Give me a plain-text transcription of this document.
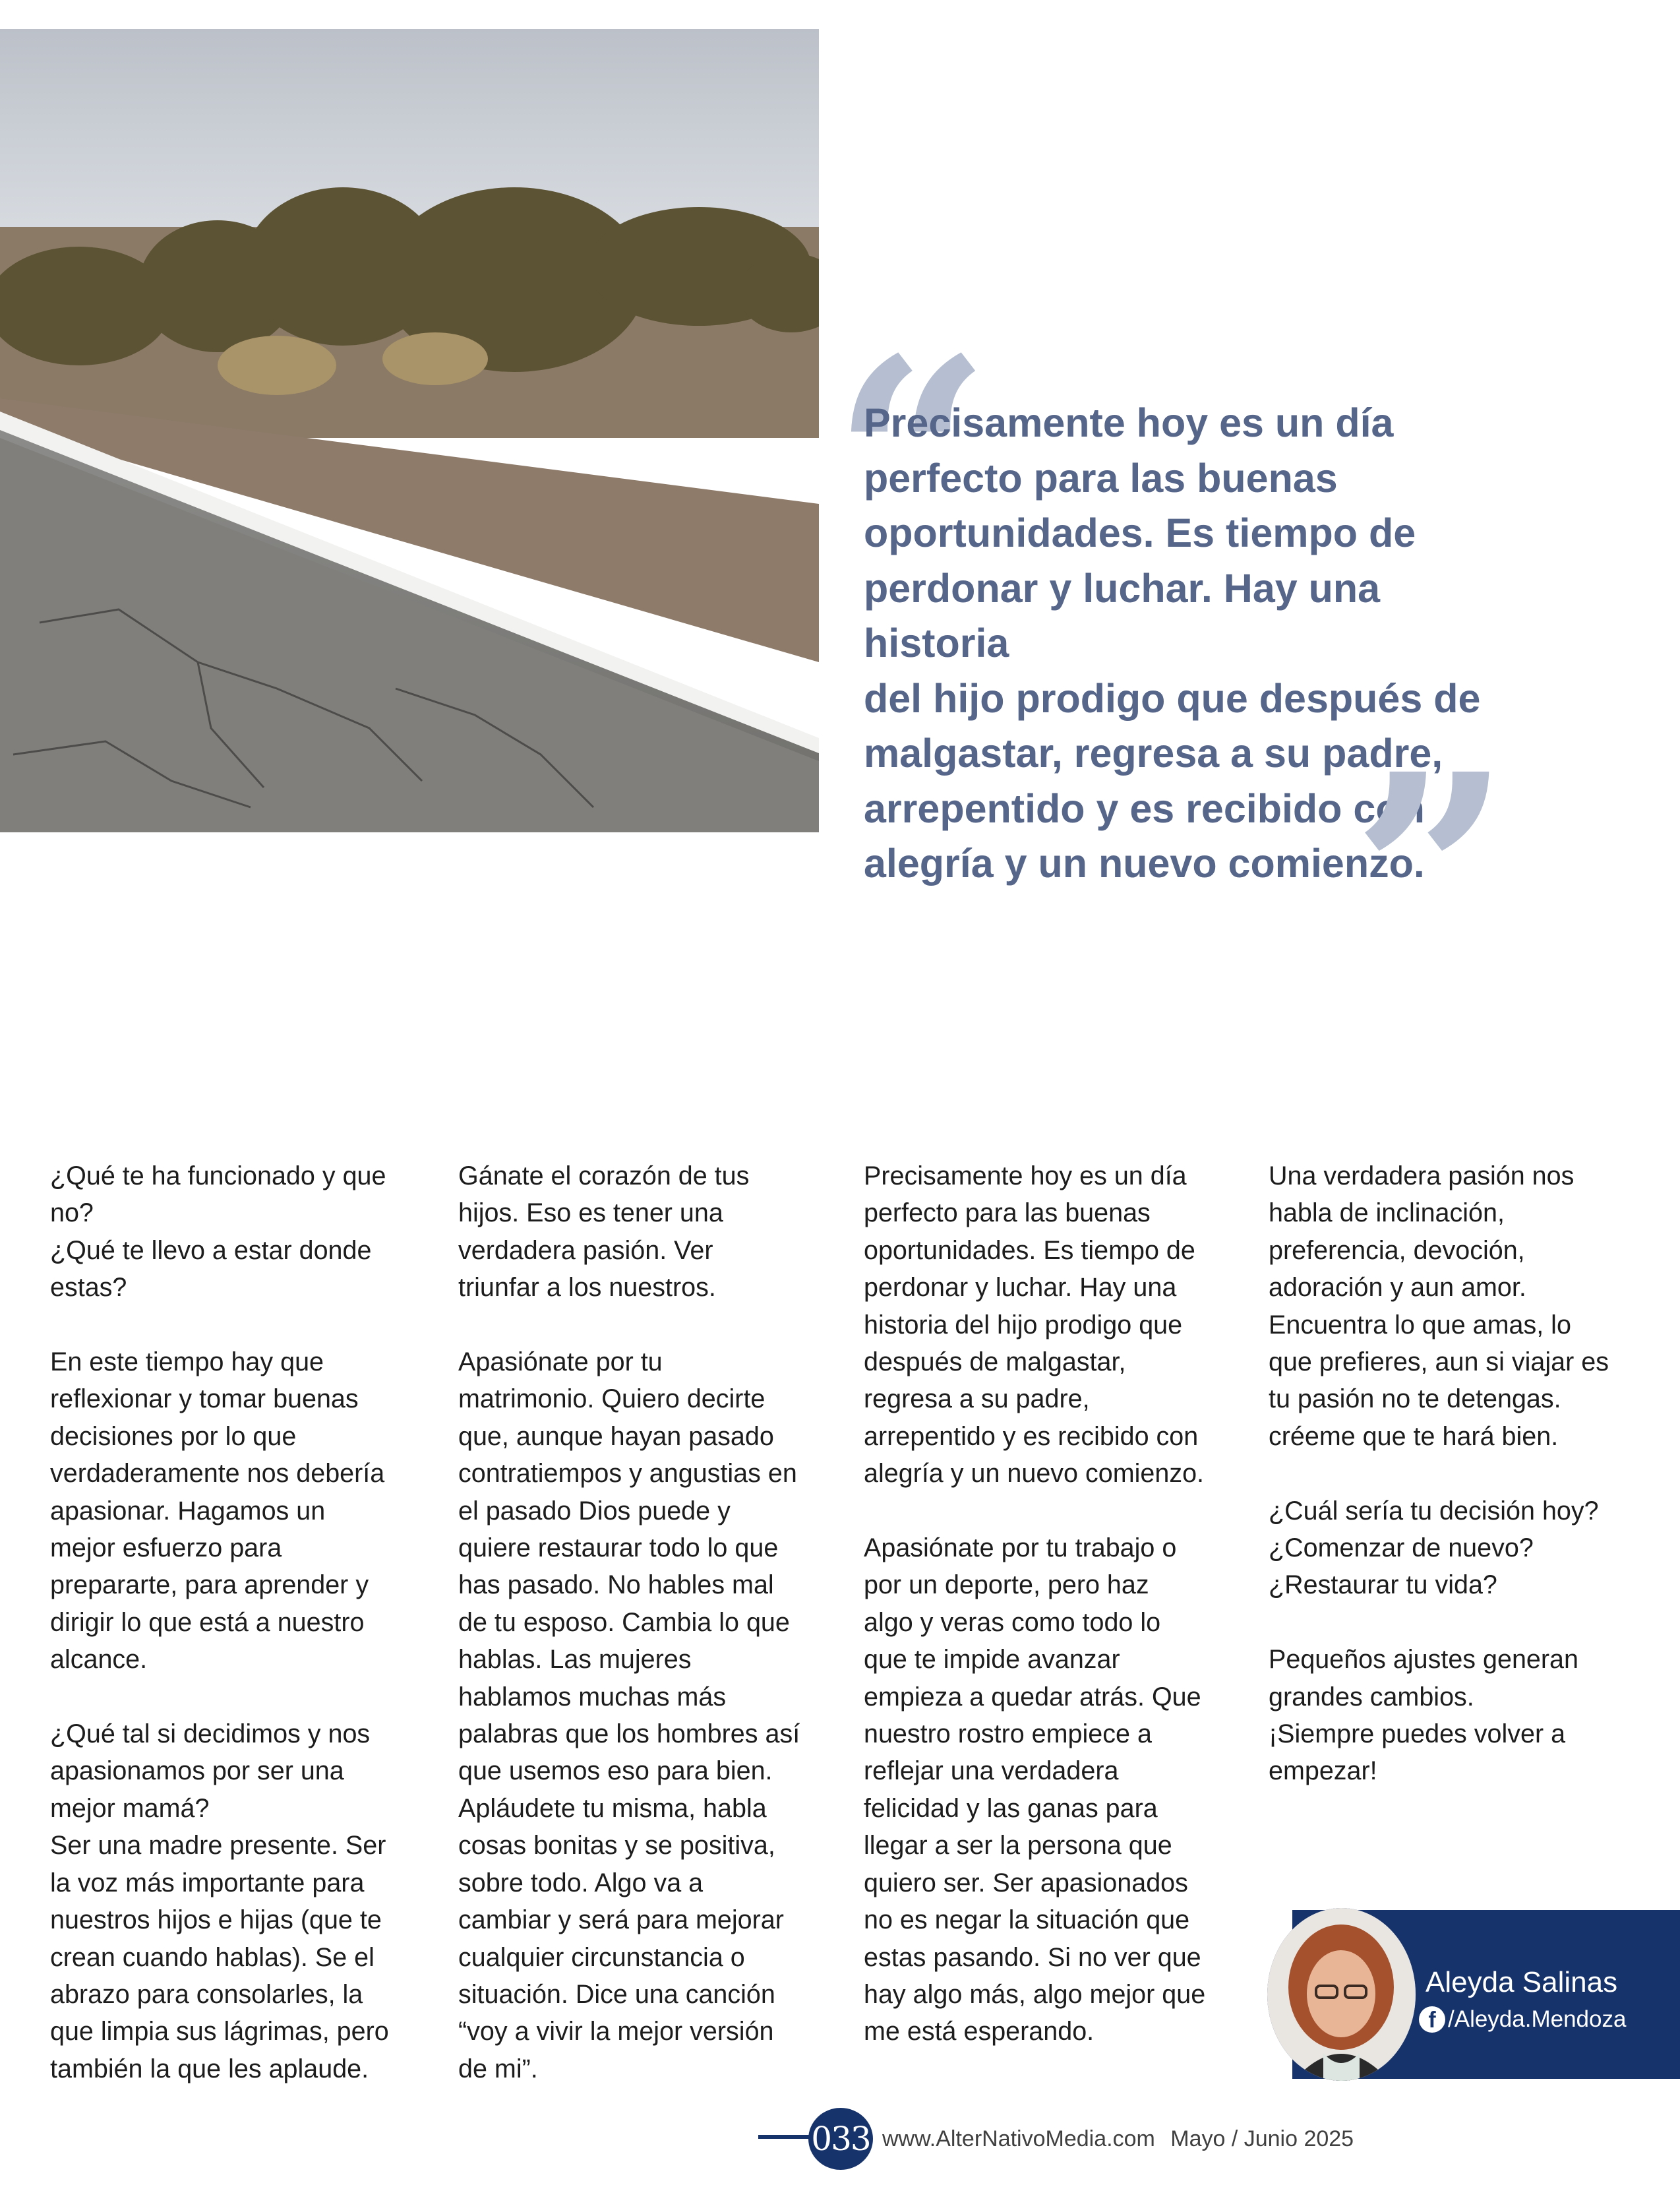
“

Precisamente hoy es un día
perfecto para las buenas
oportunidades. Es tiempo de
perdonar y luchar. Hay una historia
del hijo prodigo que después de
malgastar, regresa a su padre,
arrepentido y es recibido con
alegría y un nuevo comienzo.

”

¿Qué te ha funcionado y que
no?
¿Qué te llevo a estar donde
estas?

En este tiempo hay que
reflexionar y tomar buenas
decisiones por lo que
verdaderamente nos debería
apasionar. Hagamos un
mejor esfuerzo para
prepararte, para aprender y
dirigir lo que está a nuestro
alcance.

¿Qué tal si decidimos y nos
apasionamos por ser una
mejor mamá?
Ser una madre presente. Ser
la voz más importante para
nuestros hijos e hijas (que te
crean cuando hablas). Se el
abrazo para consolarles, la
que limpia sus lágrimas, pero
también la que les aplaude.

Gánate el corazón de tus
hijos. Eso es tener una
verdadera pasión. Ver
triunfar a los nuestros.

Apasiónate por tu
matrimonio. Quiero decirte
que, aunque hayan pasado
contratiempos y angustias en
el pasado Dios puede y
quiere restaurar todo lo que
has pasado. No hables mal
de tu esposo. Cambia lo que
hablas. Las mujeres
hablamos muchas más
palabras que los hombres así
que usemos eso para bien.
Apláudete tu misma, habla
cosas bonitas y se positiva,
sobre todo. Algo va a
cambiar y será para mejorar
cualquier circunstancia o
situación. Dice una canción
“voy a vivir la mejor versión
de mi”.

Precisamente hoy es un día
perfecto para las buenas
oportunidades. Es tiempo de
perdonar y luchar. Hay una
historia del hijo prodigo que
después de malgastar,
regresa a su padre,
arrepentido y es recibido con
alegría y un nuevo comienzo.

Apasiónate por tu trabajo o
por un deporte, pero haz
algo y veras como todo lo
que te impide avanzar
empieza a quedar atrás. Que
nuestro rostro empiece a
reflejar una verdadera
felicidad y las ganas para
llegar a ser la persona que
quiero ser. Ser apasionados
no es negar la situación que
estas pasando. Si no ver que
hay algo más, algo mejor que
me está esperando.

Una verdadera pasión nos
habla de inclinación,
preferencia, devoción,
adoración y aun amor.
Encuentra lo que amas, lo
que prefieres, aun si viajar es
tu pasión no te detengas.
créeme que te hará bien.

¿Cuál sería tu decisión hoy?
¿Comenzar de nuevo?
¿Restaurar tu vida?

Pequeños ajustes generan
grandes cambios.
¡Siempre puedes volver a
empezar!

Aleyda Salinas
f /Aleyda.Mendoza
033 www.AlterNativoMedia.com Mayo / Junio 2025
